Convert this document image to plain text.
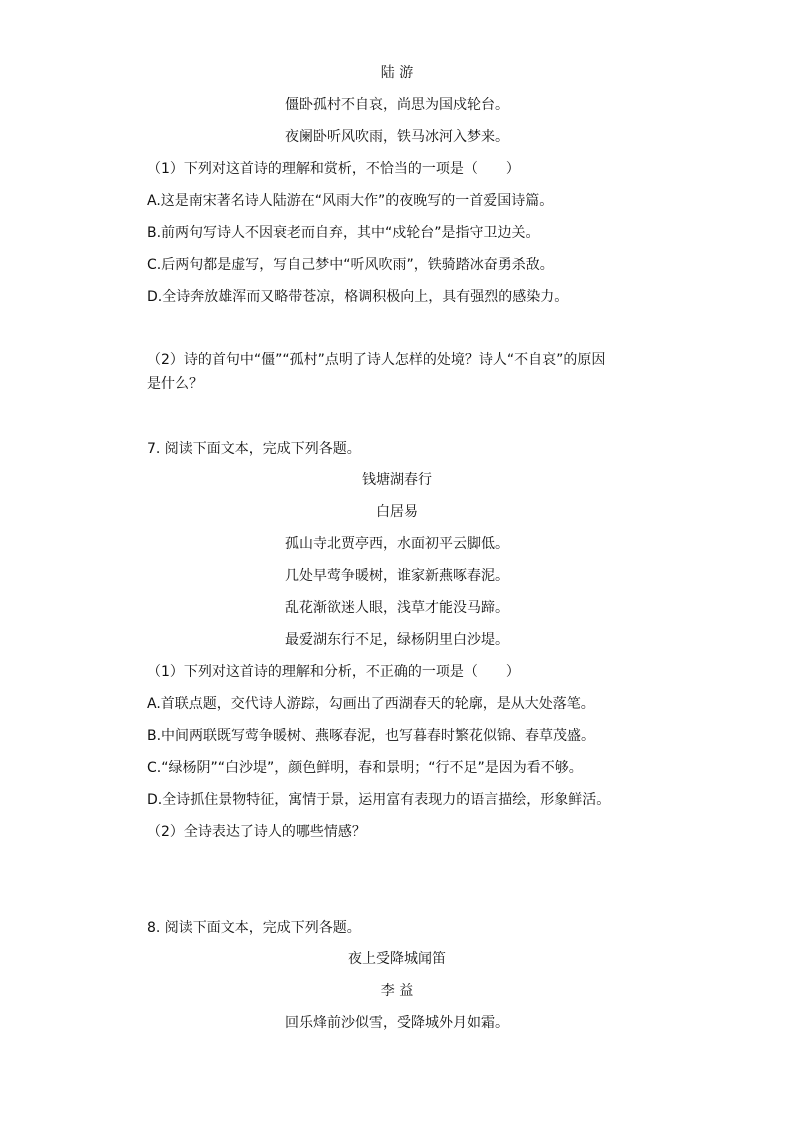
陆 游
僵卧孤村不自哀，尚思为国戍轮台。
夜阑卧听风吹雨，铁马冰河入梦来。
（1）下列对这首诗的理解和赏析，不恰当的一项是（　　）
A.这是南宋著名诗人陆游在“风雨大作”的夜晚写的一首爱国诗篇。
B.前两句写诗人不因衰老而自弃，其中“戍轮台”是指守卫边关。
C.后两句都是虚写，写自己梦中“听风吹雨”，铁骑踏冰奋勇杀敌。
D.全诗奔放雄浑而又略带苍凉，格调积极向上，具有强烈的感染力。
（2）诗的首句中“僵”“孤村”点明了诗人怎样的处境？诗人“不自哀”的原因
是什么？
7. 阅读下面文本，完成下列各题。
钱塘湖春行
白居易
孤山寺北贾亭西，水面初平云脚低。
几处早莺争暖树，谁家新燕啄春泥。
乱花渐欲迷人眼，浅草才能没马蹄。
最爱湖东行不足，绿杨阴里白沙堤。
（1）下列对这首诗的理解和分析，不正确的一项是（　　）
A.首联点题，交代诗人游踪，勾画出了西湖春天的轮廓，是从大处落笔。
B.中间两联既写莺争暖树、燕啄春泥，也写暮春时繁花似锦、春草茂盛。
C.“绿杨阴”“白沙堤”，颜色鲜明，春和景明；“行不足”是因为看不够。
D.全诗抓住景物特征，寓情于景，运用富有表现力的语言描绘，形象鲜活。
（2）全诗表达了诗人的哪些情感？
8. 阅读下面文本，完成下列各题。
夜上受降城闻笛
李 益
回乐烽前沙似雪，受降城外月如霜。
